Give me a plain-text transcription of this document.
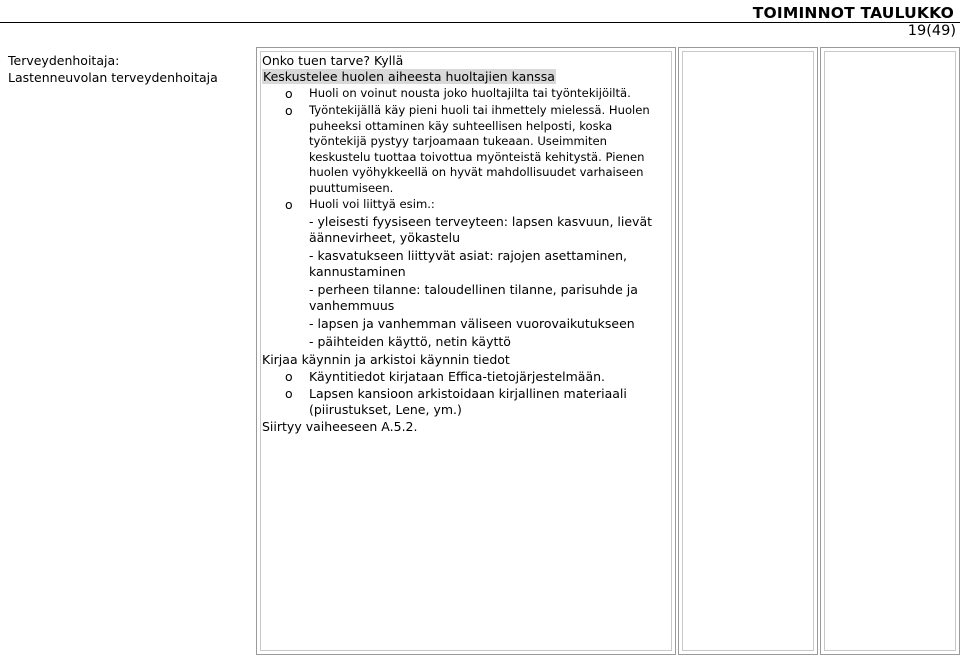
TOIMINNOT TAULUKKO
19(49)
Terveydenhoitaja:
Lastenneuvolan terveydenhoitaja

Onko tuen tarve? Kyllä

Keskustelee huolen aiheesta huoltajien kanssa

o	Huoli on voinut nousta joko huoltajilta tai työntekijöiltä.
o	Työntekijällä käy pieni huoli tai ihmettely mielessä. Huolen puheeksi ottaminen käy suhteellisen helposti, koska työntekijä pystyy tarjoamaan tukeaan. Useimmiten keskustelu tuottaa toivottua myönteistä kehitystä. Pienen huolen vyöhykkeellä on hyvät mahdollisuudet varhaiseen puuttumiseen.
o	Huoli voi liittyä esim.:
- yleisesti fyysiseen terveyteen: lapsen kasvuun, lievät äännevirheet, yökastelu
- kasvatukseen liittyvät asiat: rajojen asettaminen, kannustaminen
- perheen tilanne: taloudellinen tilanne, parisuhde ja vanhemmuus
- lapsen ja vanhemman väliseen vuorovaikutukseen
- päihteiden käyttö, netin käyttö

Kirjaa käynnin ja arkistoi käynnin tiedot

o	Käyntitiedot kirjataan Effica-tietojärjestelmään.
o	Lapsen kansioon arkistoidaan kirjallinen materiaali (piirustukset, Lene, ym.)

Siirtyy vaiheeseen A.5.2.
